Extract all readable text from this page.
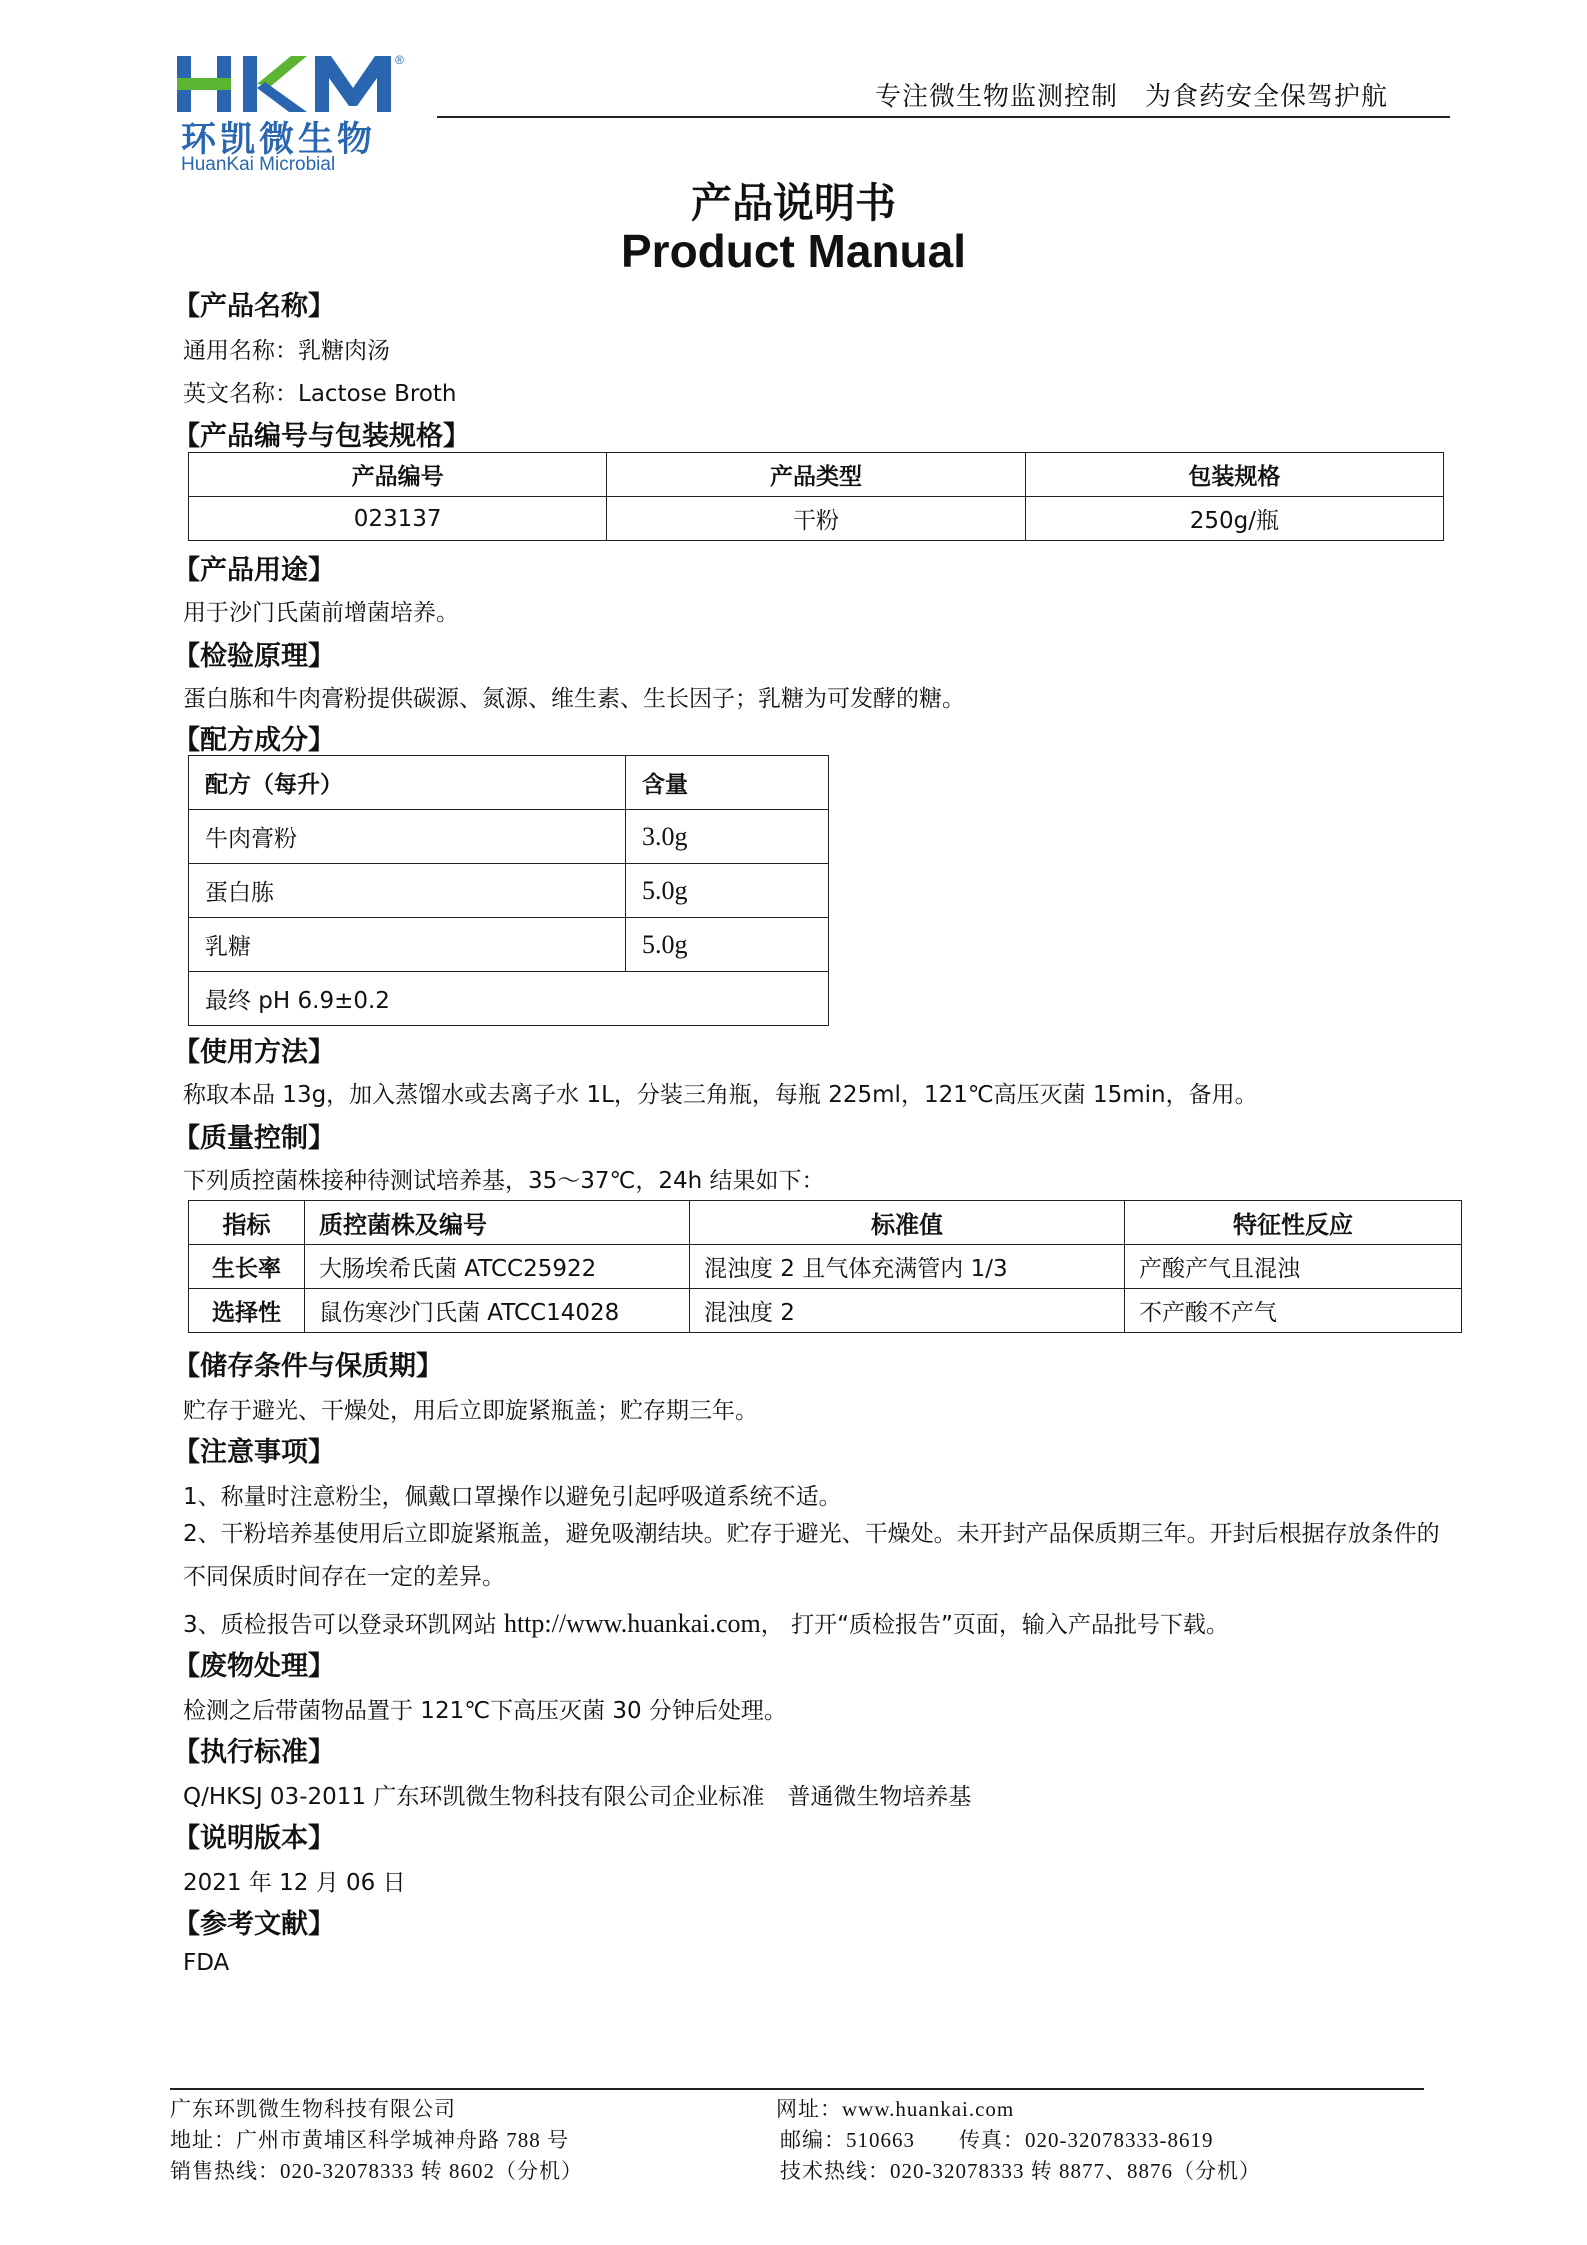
®
环凯微生物
HuanKai Microbial
专注微生物监测控制　为食药安全保驾护航
产品说明书
Product Manual
【产品名称】
通用名称：乳糖肉汤
英文名称：Lactose Broth
【产品编号与包装规格】
产品编号	产品类型	包装规格
023137	干粉	250g/瓶
【产品用途】
用于沙门氏菌前增菌培养。
【检验原理】
蛋白胨和牛肉膏粉提供碳源、氮源、维生素、生长因子；乳糖为可发酵的糖。
【配方成分】
配方（每升）	含量
牛肉膏粉	3.0g
蛋白胨	5.0g
乳糖	5.0g
最终 pH 6.9±0.2	
【使用方法】
称取本品 13g，加入蒸馏水或去离子水 1L，分装三角瓶，每瓶 225ml，121℃高压灭菌 15min，备用。
【质量控制】
下列质控菌株接种待测试培养基，35～37℃，24h 结果如下：
指标	质控菌株及编号	标准值	特征性反应
生长率	大肠埃希氏菌 ATCC25922	混浊度 2 且气体充满管内 1/3	产酸产气且混浊
选择性	鼠伤寒沙门氏菌 ATCC14028	混浊度 2	不产酸不产气
【储存条件与保质期】
贮存于避光、干燥处，用后立即旋紧瓶盖；贮存期三年。
【注意事项】
1、称量时注意粉尘，佩戴口罩操作以避免引起呼吸道系统不适。
2、干粉培养基使用后立即旋紧瓶盖，避免吸潮结块。贮存于避光、干燥处。未开封产品保质期三年。开封后根据存放条件的不同保质时间存在一定的差异。
3、质检报告可以登录环凯网站 http://www.huankai.com， 打开“质检报告”页面，输入产品批号下载。
【废物处理】
检测之后带菌物品置于 121℃下高压灭菌 30 分钟后处理。
【执行标准】
Q/HKSJ 03-2011 广东环凯微生物科技有限公司企业标准　普通微生物培养基
【说明版本】
2021 年 12 月 06 日
【参考文献】
FDA
广东环凯微生物科技有限公司
地址：广州市黄埔区科学城神舟路 788 号
销售热线：020-32078333 转 8602（分机）
网址：www.huankai.com
邮编：510663　　传真：020-32078333-8619
技术热线：020-32078333 转 8877、8876（分机）
